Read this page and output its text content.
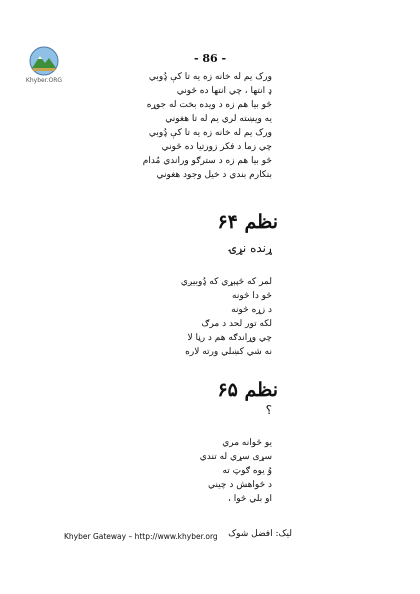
- 86 -
Khyber.ORG	ورک يم له خانه زه يه تا کې ډُوبي
ډ انتها ، چي انتها ده څوني
څو بيا هم زه د ويده بخت له جوړه
يه ويښته لري يم له تا هغوني
ورک يم له خانه زه يه تا کې ډُوبي
چي زما د فکر زورتيا ده څوني
څو بيا هم زه د سترګو وراندي مُدام
بنکارم بندي د خيل وجود هغوني
نظم ۶۴
ړنده نړۍ
لمر که څپېړي که ډُوبيږي
څو دا څونه
د زړه څونه
لکه تور لحد د مرګ
چي وړاندګه هم د رڼا لا
نه شي کښلي ورته لاره
نظم ۶۵
؟
يو څوانه مري
سړی سړي له تندي
وُ يوه ګوټ ته
د څواهش د چيني
او بلي څوا ،
Khyber Gateway – http://www.khyber.org ليک: افضل شوک
